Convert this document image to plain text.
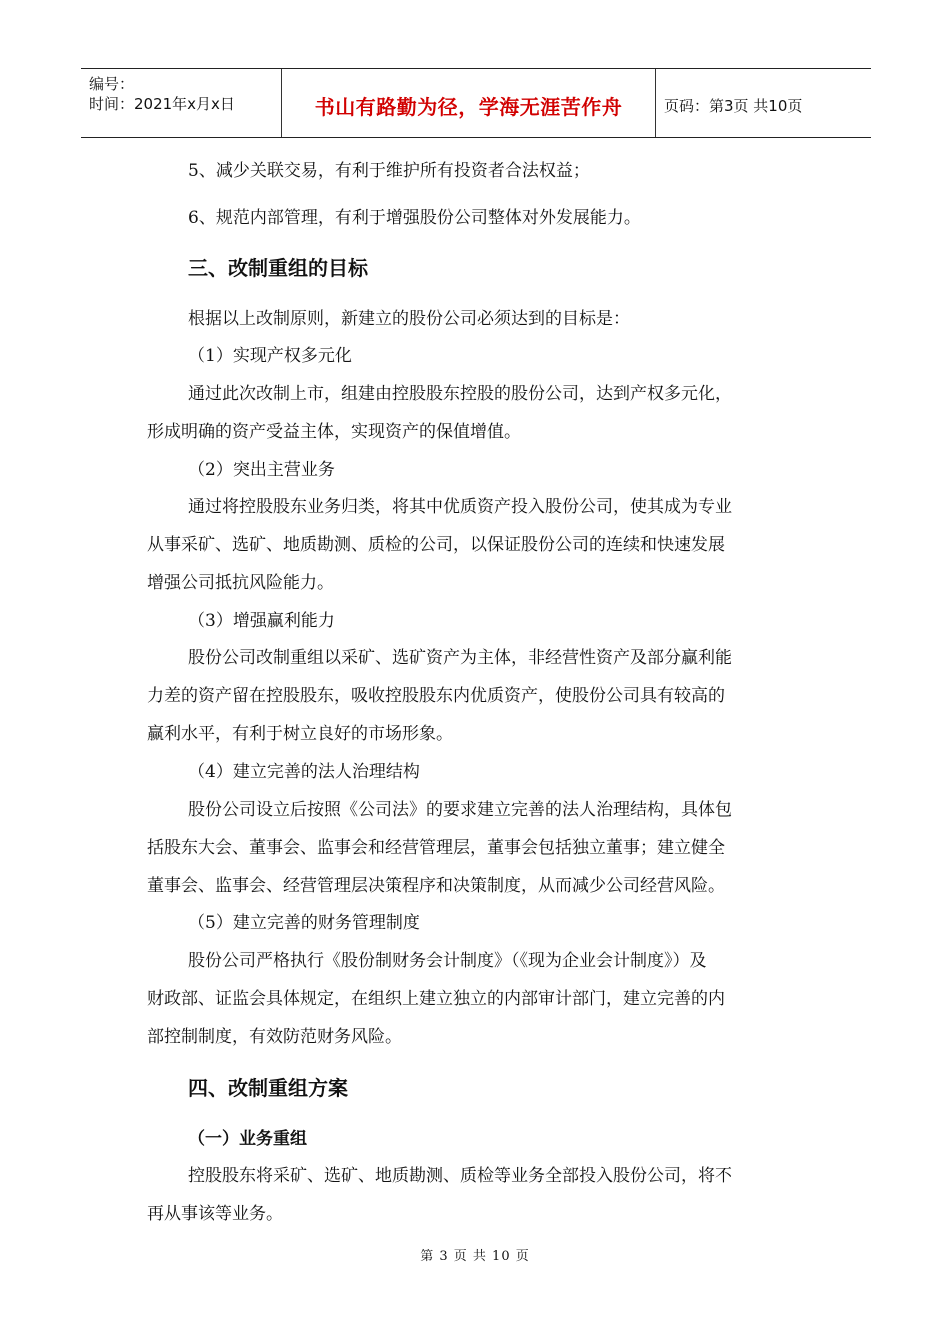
编号：
时间：2021年x月x日	书山有路勤为径，学海无涯苦作舟	页码：第3页 共10页
5、减少关联交易，有利于维护所有投资者合法权益；
6、规范内部管理，有利于增强股份公司整体对外发展能力。
三、改制重组的目标
根据以上改制原则，新建立的股份公司必须达到的目标是：
（1）实现产权多元化
通过此次改制上市，组建由控股股东控股的股份公司，达到产权多元化，
形成明确的资产受益主体，实现资产的保值增值。
（2）突出主营业务
通过将控股股东业务归类，将其中优质资产投入股份公司，使其成为专业
从事采矿、选矿、地质勘测、质检的公司，以保证股份公司的连续和快速发展
增强公司抵抗风险能力。
（3）增强赢利能力
股份公司改制重组以采矿、选矿资产为主体，非经营性资产及部分赢利能
力差的资产留在控股股东，吸收控股股东内优质资产，使股份公司具有较高的
赢利水平，有利于树立良好的市场形象。
（4）建立完善的法人治理结构
股份公司设立后按照《公司法》的要求建立完善的法人治理结构，具体包
括股东大会、董事会、监事会和经营管理层，董事会包括独立董事；建立健全
董事会、监事会、经营管理层决策程序和决策制度，从而减少公司经营风险。
（5）建立完善的财务管理制度
股份公司严格执行《股份制财务会计制度》（《现为企业会计制度》）及
财政部、证监会具体规定，在组织上建立独立的内部审计部门，建立完善的内
部控制制度，有效防范财务风险。
四、改制重组方案
（一）业务重组
控股股东将采矿、选矿、地质勘测、质检等业务全部投入股份公司，将不
再从事该等业务。
第 3 页 共 10 页
